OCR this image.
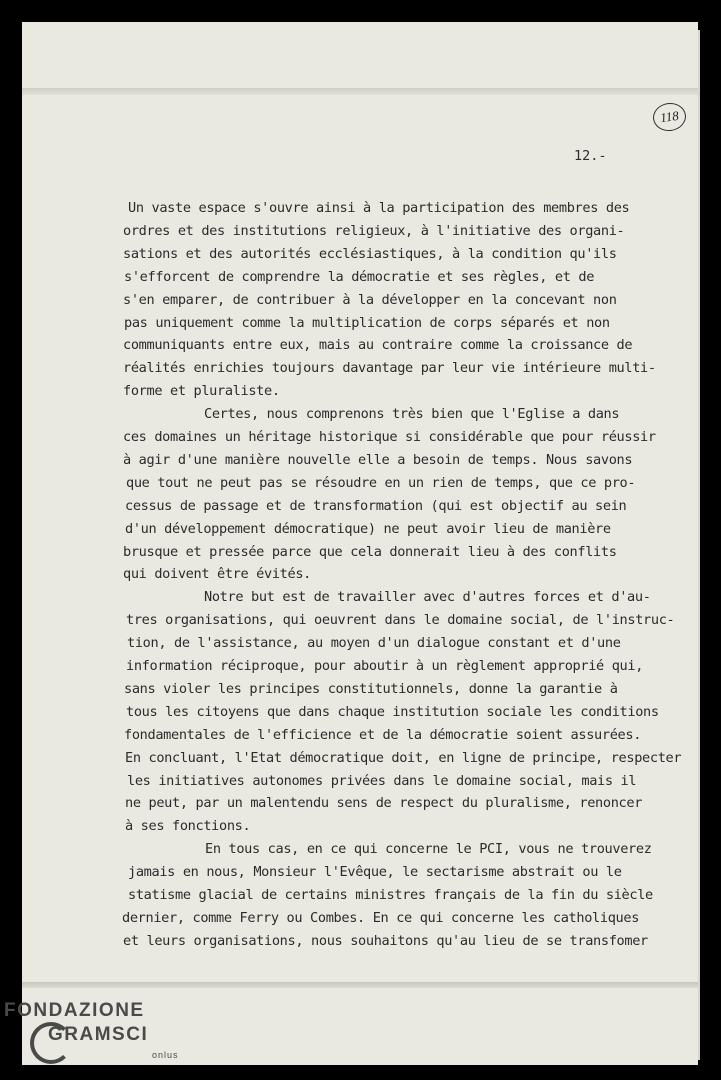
118
12.-
Un vaste espace s'ouvre ainsi à la participation des membres des
ordres et des institutions religieux, à l'initiative des organi-
sations et des autorités ecclésiastiques, à la condition qu'ils
s'efforcent de comprendre la démocratie et ses règles, et de
s'en emparer, de contribuer à la développer en la concevant non
pas uniquement comme la multiplication de corps séparés et non
communiquants entre eux, mais au contraire comme la croissance de
réalités enrichies toujours davantage par leur vie intérieure multi-
forme et pluraliste.
Certes, nous comprenons très bien que l'Eglise a dans
ces domaines un héritage historique si considérable que pour réussir
à agir d'une manière nouvelle elle a besoin de temps. Nous savons
que tout ne peut pas se résoudre en un rien de temps, que ce pro-
cessus de passage et de transformation (qui est objectif au sein
d'un développement démocratique) ne peut avoir lieu de manière
brusque et pressée parce que cela donnerait lieu à des conflits
qui doivent être évités.
Notre but est de travailler avec d'autres forces et d'au-
tres organisations, qui oeuvrent dans le domaine social, de l'instruc-
tion, de l'assistance, au moyen d'un dialogue constant et d'une
information réciproque, pour aboutir à un règlement approprié qui,
sans violer les principes constitutionnels, donne la garantie à
tous les citoyens que dans chaque institution sociale les conditions
fondamentales de l'efficience et de la démocratie soient assurées.
En concluant, l'Etat démocratique doit, en ligne de principe, respecter
les initiatives autonomes privées dans le domaine social, mais il
ne peut, par un malentendu sens de respect du pluralisme, renoncer
à ses fonctions.
En tous cas, en ce qui concerne le PCI, vous ne trouverez
jamais en nous, Monsieur l'Evêque, le sectarisme abstrait ou le
statisme glacial de certains ministres français de la fin du siècle
dernier, comme Ferry ou Combes. En ce qui concerne les catholiques
et leurs organisations, nous souhaitons qu'au lieu de se transfomer
FONDAZIONE
GRAMSCI
onlus
